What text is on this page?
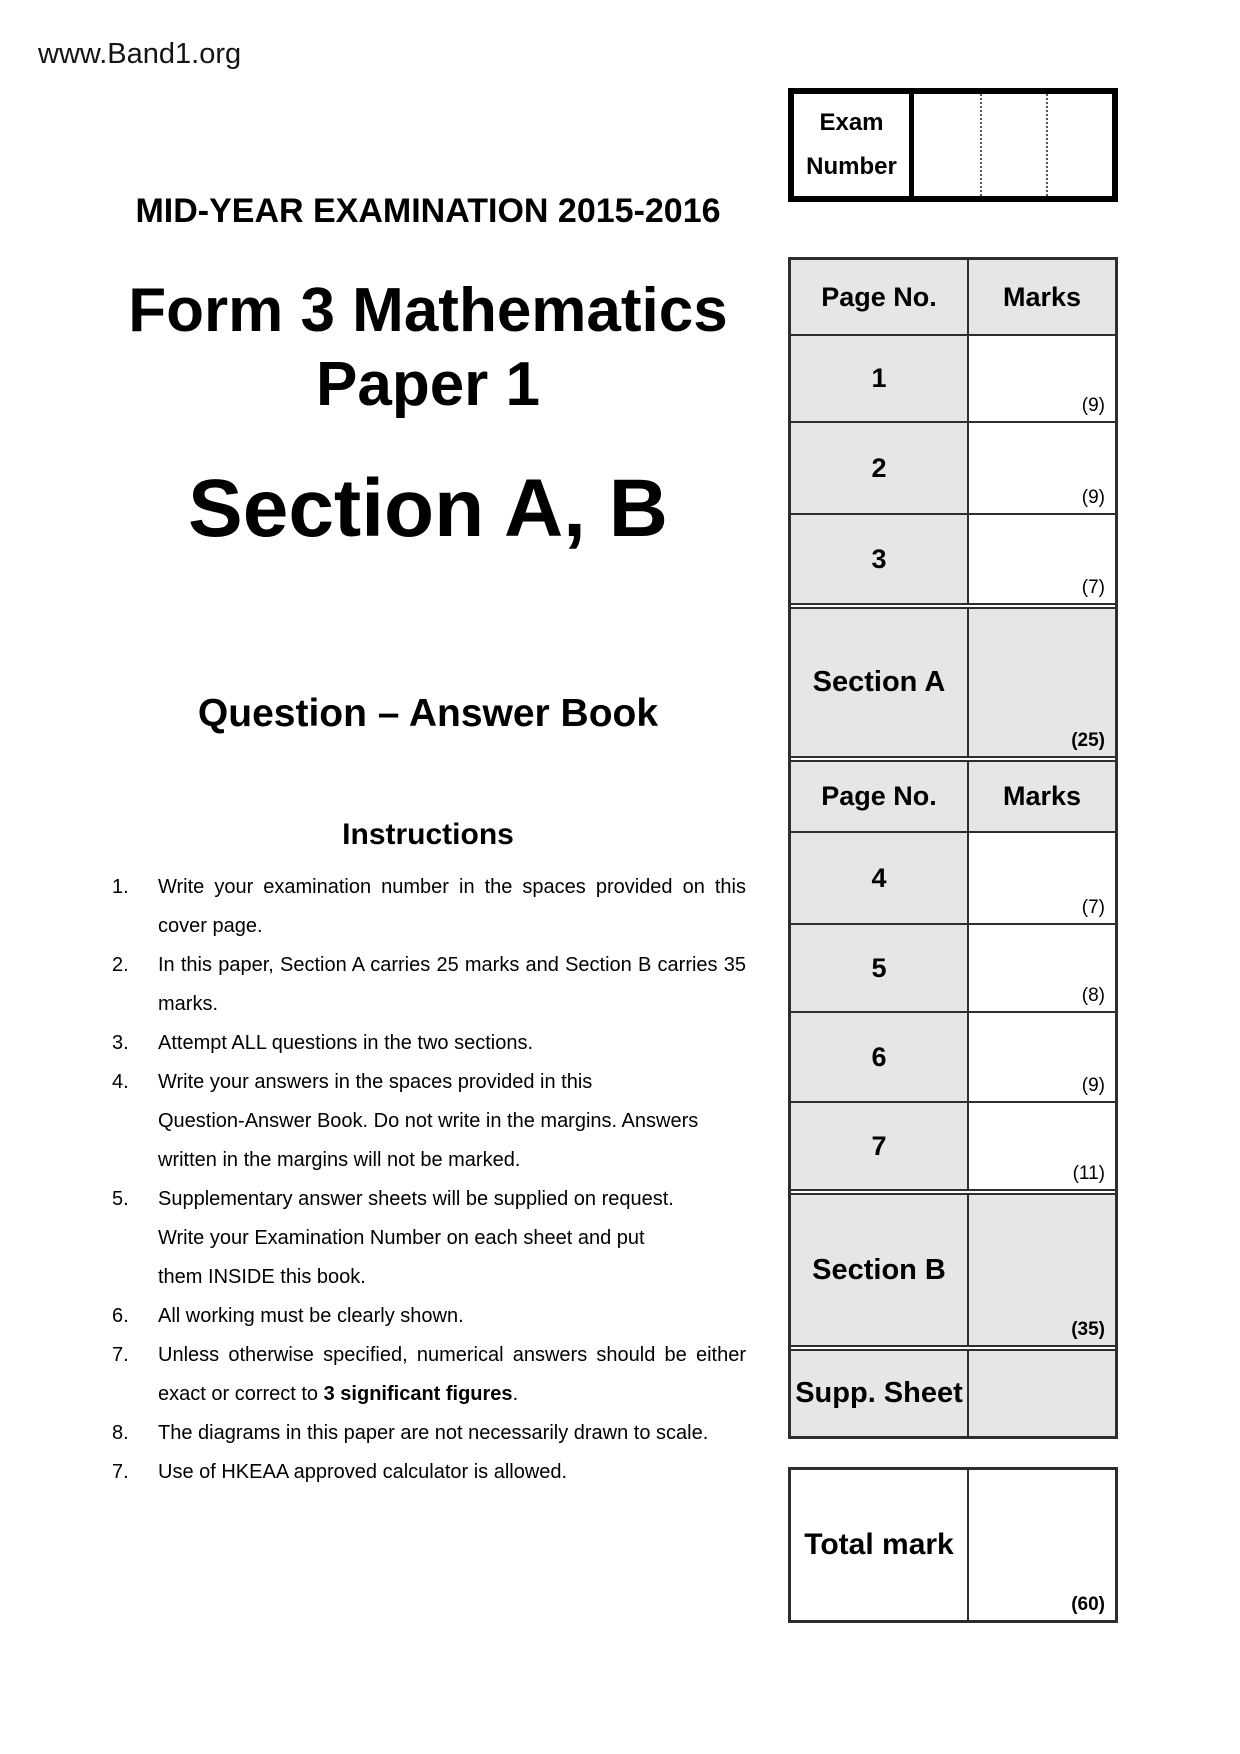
www.Band1.org
MID-YEAR EXAMINATION 2015-2016
Form 3 Mathematics
Paper 1
Section A, B
Question – Answer Book
Instructions
1. Write your examination number in the spaces provided on this
cover page.
2. In this paper, Section A carries 25 marks and Section B carries 35
marks.
3. Attempt ALL questions in the two sections.
4. Write your answers in the spaces provided in this
Question-Answer Book. Do not write in the margins. Answers
written in the margins will not be marked.
5. Supplementary answer sheets will be supplied on request.
Write your Examination Number on each sheet and put
them INSIDE this book.
6. All working must be clearly shown.
7. Unless otherwise specified, numerical answers should be either
exact or correct to 3 significant figures.
8. The diagrams in this paper are not necessarily drawn to scale.
7. Use of HKEAA approved calculator is allowed.
Exam
Number
Page No.	Marks
1
(9)
2
(9)
3
(7)
Section A
(25)
Page No.	Marks
4
(7)
5
(8)
6
(9)
7
(11)
Section B
(35)
Supp. Sheet
Total mark
(60)
